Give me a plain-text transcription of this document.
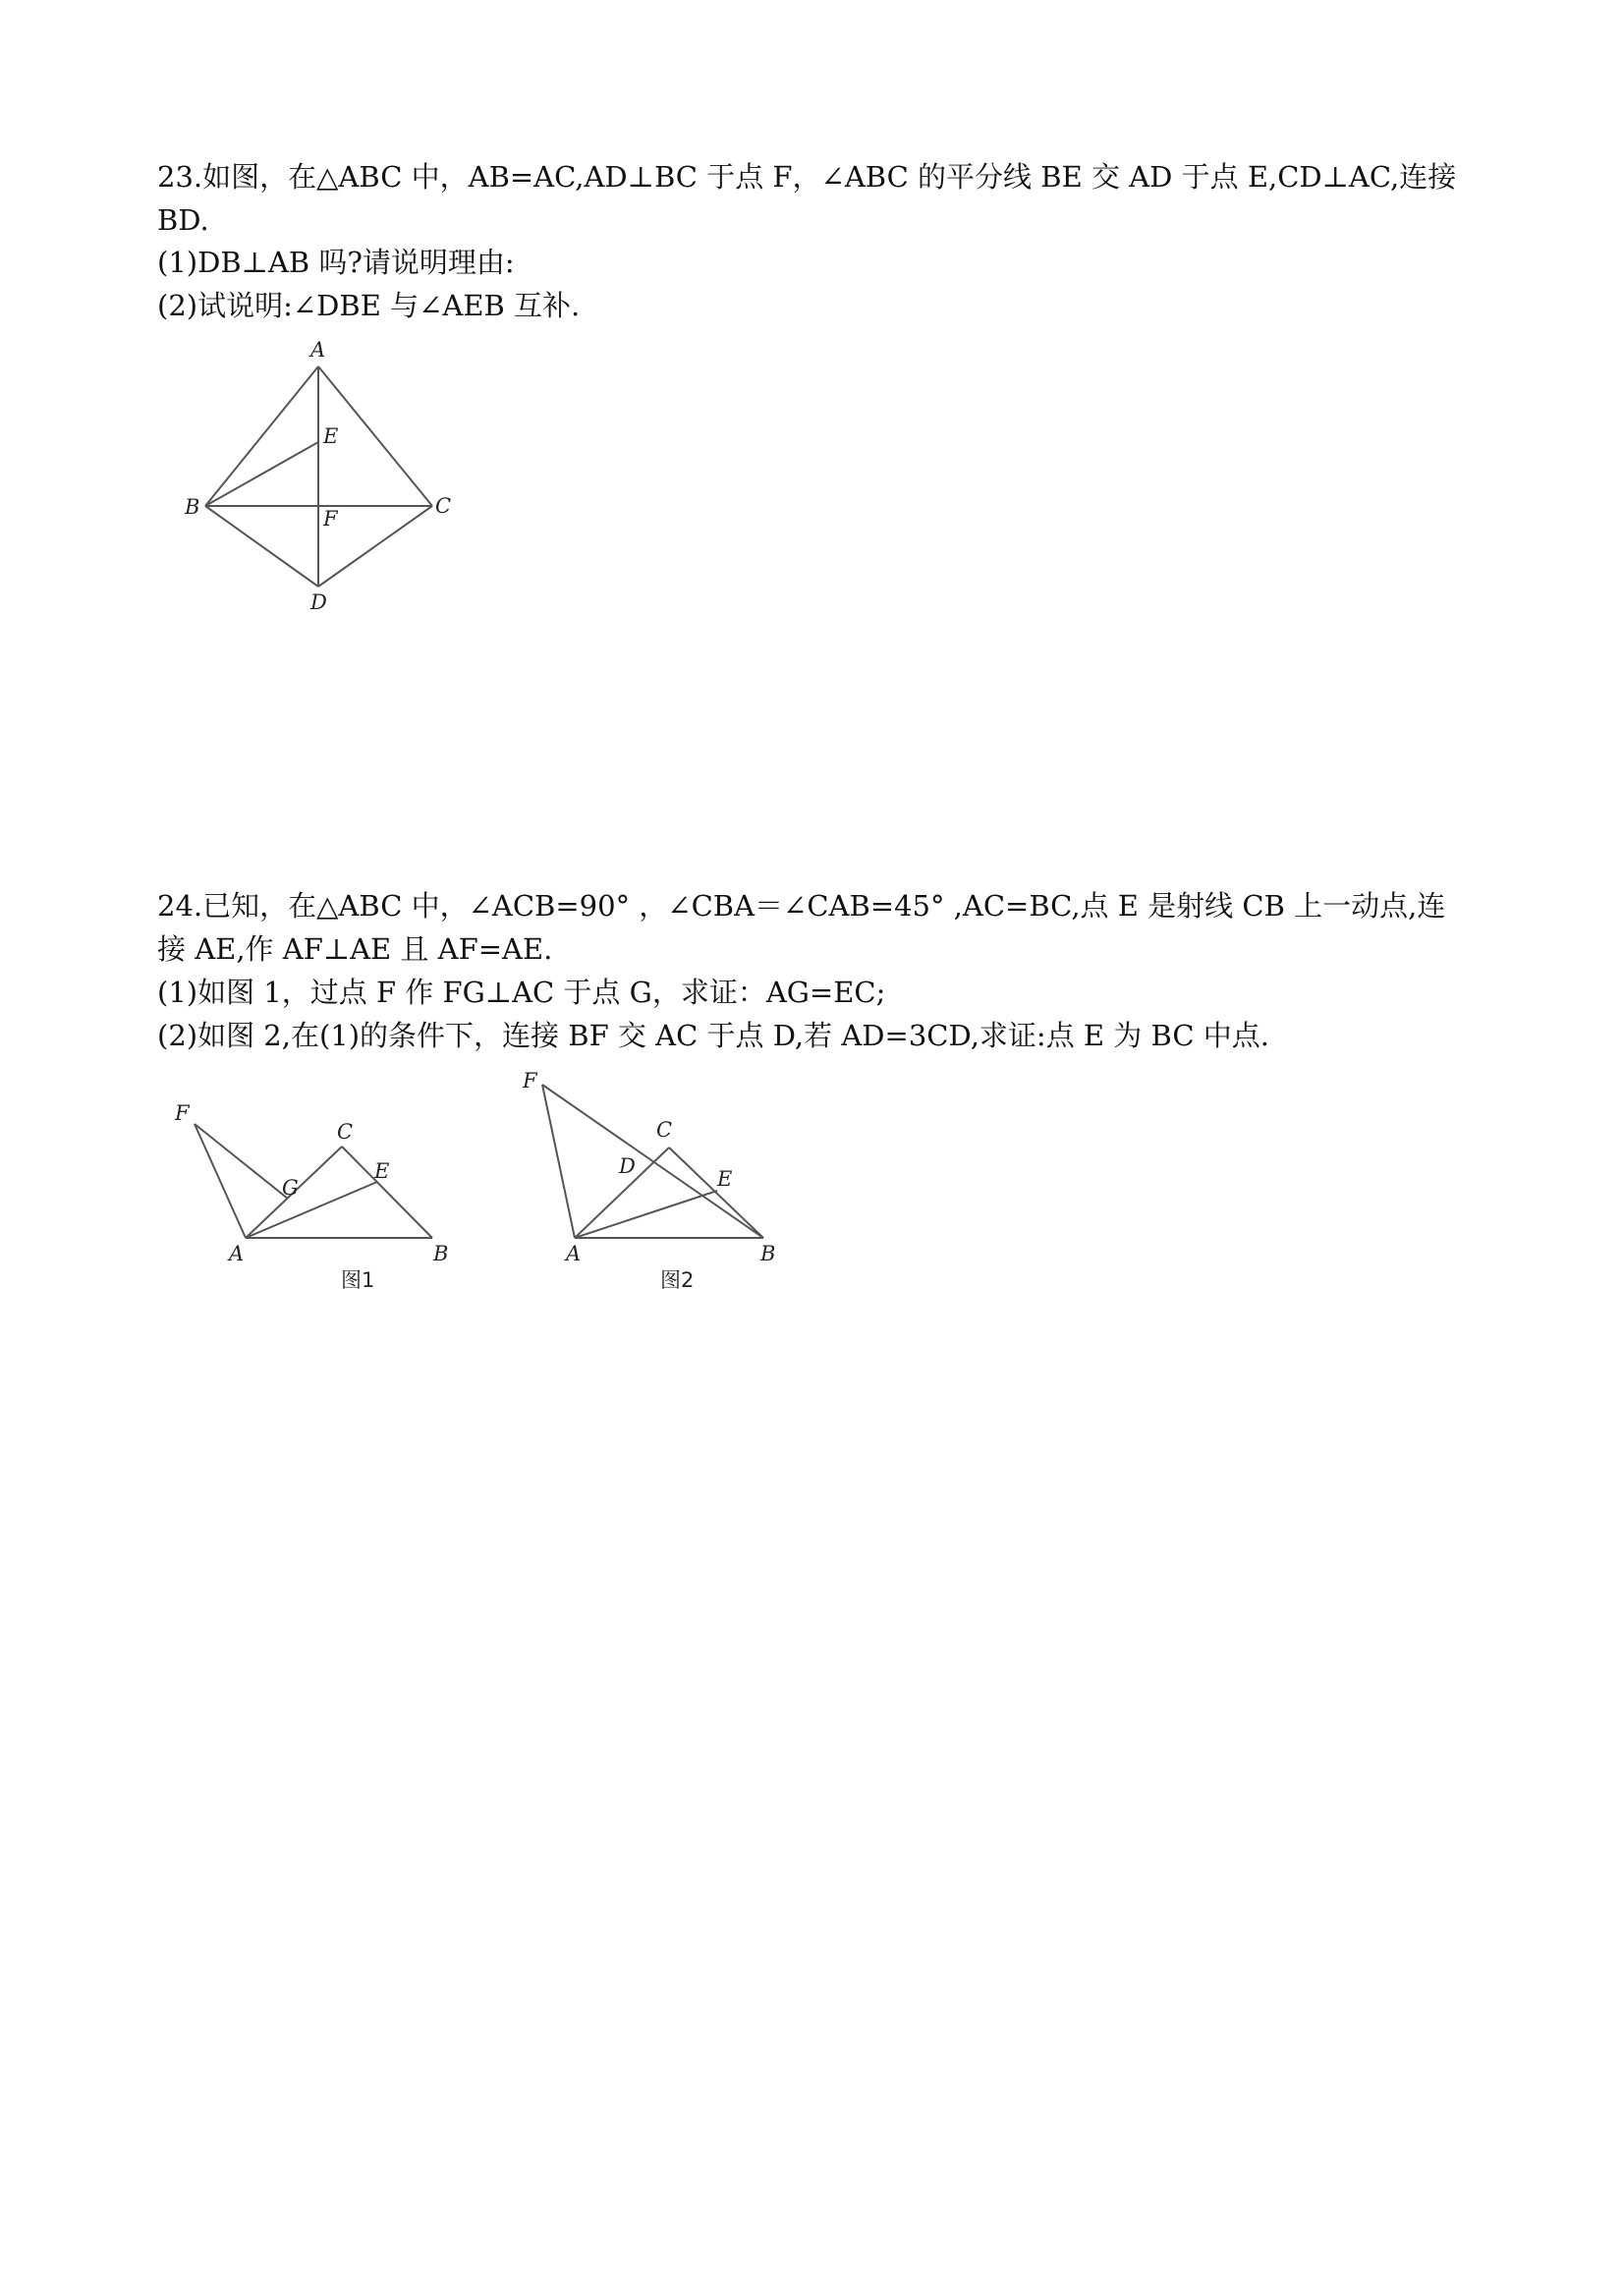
23.如图，在△ABC 中，AB=AC,AD⊥BC 于点 F，∠ABC 的平分线 BE 交 AD 于点 E,CD⊥AC,连接
BD.
(1)DB⊥AB 吗?请说明理由:
(2)试说明:∠DBE 与∠AEB 互补.
A
E
B	C
F
D
24.已知，在△ABC 中，∠ACB=90° ，∠CBA＝∠CAB=45° ,AC=BC,点 E 是射线 CB 上一动点,连
接 AE,作 AF⊥AE 且 AF=AE.
(1)如图 1，过点 F 作 FG⊥AC 于点 G，求证：AG=EC;
(2)如图 2,在(1)的条件下，连接 BF 交 AC 于点 D,若 AD=3CD,求证:点 E 为 BC 中点.
F
C
G
E
A	B
图1
F
C
D
E
A	B
图2
